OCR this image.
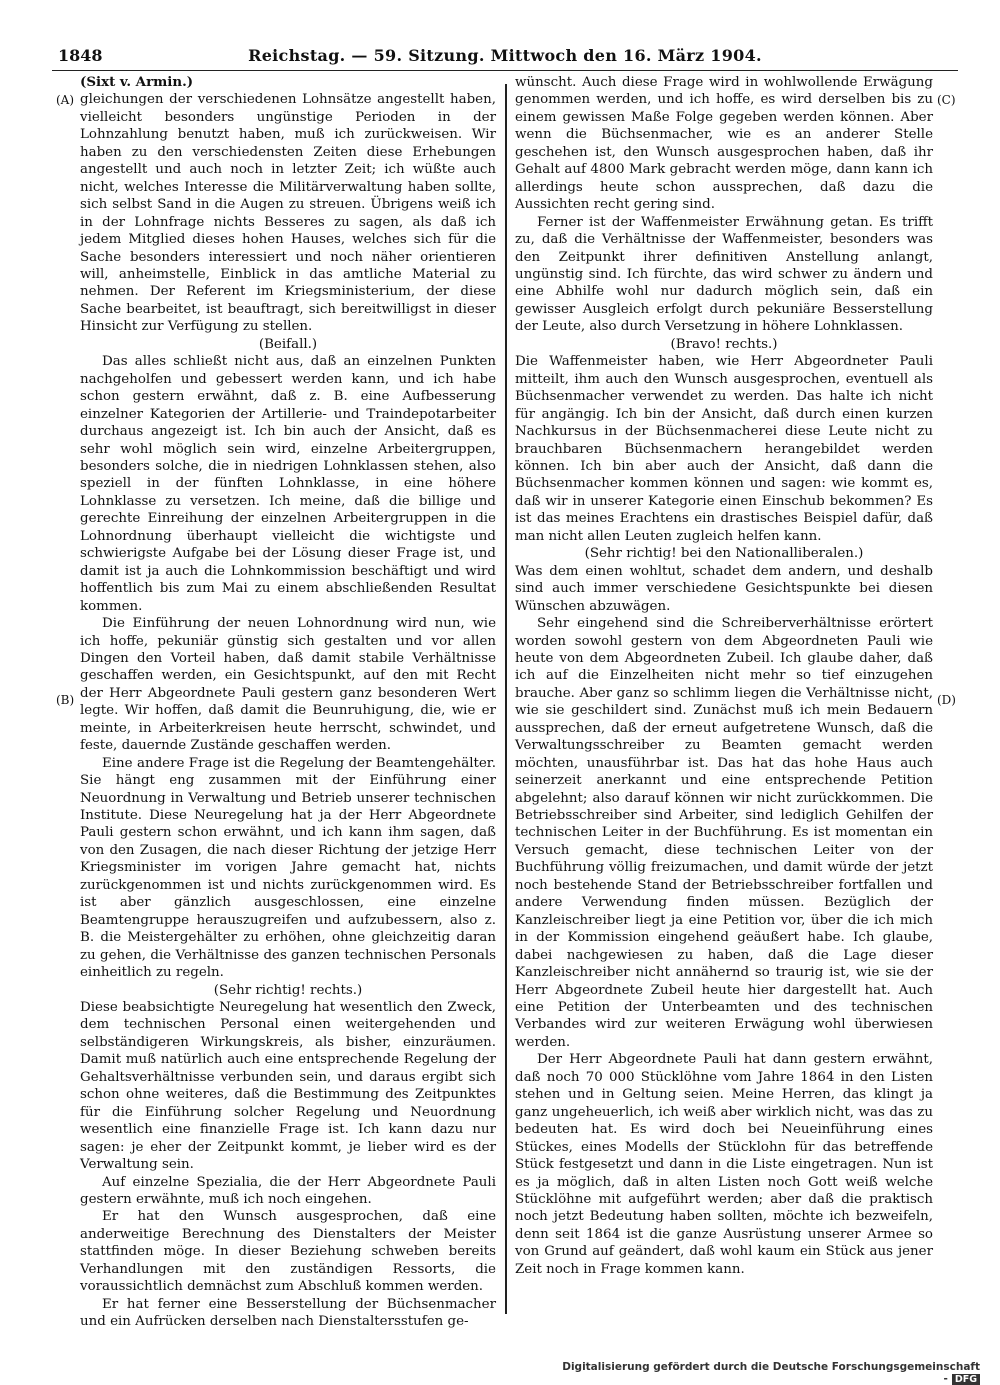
1848	Reichstag. — 59. Sitzung. Mittwoch den 16. März 1904.
(A)
(B)
(C)
(D)

(Sixt v. Armin.)

gleichungen der verschiedenen Lohnsätze angestellt haben, vielleicht besonders ungünstige Perioden in der Lohnzahlung benutzt haben, muß ich zurückweisen. Wir haben zu den verschiedensten Zeiten diese Erhebungen angestellt und auch noch in letzter Zeit; ich wüßte auch nicht, welches Interesse die Militärverwaltung haben sollte, sich selbst Sand in die Augen zu streuen. Übrigens weiß ich in der Lohnfrage nichts Besseres zu sagen, als daß ich jedem Mitglied dieses hohen Hauses, welches sich für die Sache besonders interessiert und noch näher orientieren will, anheimstelle, Einblick in das amtliche Material zu nehmen. Der Referent im Kriegsministerium, der diese Sache bearbeitet, ist beauftragt, sich bereitwilligst in dieser Hinsicht zur Verfügung zu stellen.

(Beifall.)

Das alles schließt nicht aus, daß an einzelnen Punkten nachgeholfen und gebessert werden kann, und ich habe schon gestern erwähnt, daß z. B. eine Aufbesserung einzelner Kategorien der Artillerie- und Traindepotarbeiter durchaus angezeigt ist. Ich bin auch der Ansicht, daß es sehr wohl möglich sein wird, einzelne Arbeitergruppen, besonders solche, die in niedrigen Lohnklassen stehen, also speziell in der fünften Lohnklasse, in eine höhere Lohnklasse zu versetzen. Ich meine, daß die billige und gerechte Einreihung der einzelnen Arbeitergruppen in die Lohnordnung überhaupt vielleicht die wichtigste und schwierigste Aufgabe bei der Lösung dieser Frage ist, und damit ist ja auch die Lohnkommission beschäftigt und wird hoffentlich bis zum Mai zu einem abschließenden Resultat kommen.

Die Einführung der neuen Lohnordnung wird nun, wie ich hoffe, pekuniär günstig sich gestalten und vor allen Dingen den Vorteil haben, daß damit stabile Verhältnisse geschaffen werden, ein Gesichtspunkt, auf den mit Recht der Herr Abgeordnete Pauli gestern ganz besonderen Wert legte. Wir hoffen, daß damit die Beunruhigung, die, wie er meinte, in Arbeiterkreisen heute herrscht, schwindet, und feste, dauernde Zustände geschaffen werden.

Eine andere Frage ist die Regelung der Beamtengehälter. Sie hängt eng zusammen mit der Einführung einer Neuordnung in Verwaltung und Betrieb unserer technischen Institute. Diese Neuregelung hat ja der Herr Abgeordnete Pauli gestern schon erwähnt, und ich kann ihm sagen, daß von den Zusagen, die nach dieser Richtung der jetzige Herr Kriegsminister im vorigen Jahre gemacht hat, nichts zurückgenommen ist und nichts zurückgenommen wird. Es ist aber gänzlich ausgeschlossen, eine einzelne Beamtengruppe herauszugreifen und aufzubessern, also z. B. die Meistergehälter zu erhöhen, ohne gleichzeitig daran zu gehen, die Verhältnisse des ganzen technischen Personals einheitlich zu regeln.

(Sehr richtig! rechts.)

Diese beabsichtigte Neuregelung hat wesentlich den Zweck, dem technischen Personal einen weitergehenden und selbständigeren Wirkungskreis, als bisher, einzuräumen. Damit muß natürlich auch eine entsprechende Regelung der Gehaltsverhältnisse verbunden sein, und daraus ergibt sich schon ohne weiteres, daß die Bestimmung des Zeitpunktes für die Einführung solcher Regelung und Neuordnung wesentlich eine finanzielle Frage ist. Ich kann dazu nur sagen: je eher der Zeitpunkt kommt, je lieber wird es der Verwaltung sein.

Auf einzelne Spezialia, die der Herr Abgeordnete Pauli gestern erwähnte, muß ich noch eingehen.

Er hat den Wunsch ausgesprochen, daß eine anderweitige Berechnung des Dienstalters der Meister stattfinden möge. In dieser Beziehung schweben bereits Verhandlungen mit den zuständigen Ressorts, die voraussichtlich demnächst zum Abschluß kommen werden.

Er hat ferner eine Besserstellung der Büchsenmacher und ein Aufrücken derselben nach Dienstaltersstufen ge-

wünscht. Auch diese Frage wird in wohlwollende Erwägung genommen werden, und ich hoffe, es wird derselben bis zu einem gewissen Maße Folge gegeben werden können. Aber wenn die Büchsenmacher, wie es an anderer Stelle geschehen ist, den Wunsch ausgesprochen haben, daß ihr Gehalt auf 4800 Mark gebracht werden möge, dann kann ich allerdings heute schon aussprechen, daß dazu die Aussichten recht gering sind.

Ferner ist der Waffenmeister Erwähnung getan. Es trifft zu, daß die Verhältnisse der Waffenmeister, besonders was den Zeitpunkt ihrer definitiven Anstellung anlangt, ungünstig sind. Ich fürchte, das wird schwer zu ändern und eine Abhilfe wohl nur dadurch möglich sein, daß ein gewisser Ausgleich erfolgt durch pekuniäre Besserstellung der Leute, also durch Versetzung in höhere Lohnklassen.

(Bravo! rechts.)

Die Waffenmeister haben, wie Herr Abgeordneter Pauli mitteilt, ihm auch den Wunsch ausgesprochen, eventuell als Büchsenmacher verwendet zu werden. Das halte ich nicht für angängig. Ich bin der Ansicht, daß durch einen kurzen Nachkursus in der Büchsenmacherei diese Leute nicht zu brauchbaren Büchsenmachern herangebildet werden können. Ich bin aber auch der Ansicht, daß dann die Büchsenmacher kommen können und sagen: wie kommt es, daß wir in unserer Kategorie einen Einschub bekommen? Es ist das meines Erachtens ein drastisches Beispiel dafür, daß man nicht allen Leuten zugleich helfen kann.

(Sehr richtig! bei den Nationalliberalen.)

Was dem einen wohltut, schadet dem andern, und deshalb sind auch immer verschiedene Gesichtspunkte bei diesen Wünschen abzuwägen.

Sehr eingehend sind die Schreiberverhältnisse erörtert worden sowohl gestern von dem Abgeordneten Pauli wie heute von dem Abgeordneten Zubeil. Ich glaube daher, daß ich auf die Einzelheiten nicht mehr so tief einzugehen brauche. Aber ganz so schlimm liegen die Verhältnisse nicht, wie sie geschildert sind. Zunächst muß ich mein Bedauern aussprechen, daß der erneut aufgetretene Wunsch, daß die Verwaltungsschreiber zu Beamten gemacht werden möchten, unausführbar ist. Das hat das hohe Haus auch seinerzeit anerkannt und eine entsprechende Petition abgelehnt; also darauf können wir nicht zurückkommen. Die Betriebsschreiber sind Arbeiter, sind lediglich Gehilfen der technischen Leiter in der Buchführung. Es ist momentan ein Versuch gemacht, diese technischen Leiter von der Buchführung völlig freizumachen, und damit würde der jetzt noch bestehende Stand der Betriebsschreiber fortfallen und andere Verwendung finden müssen. Bezüglich der Kanzleischreiber liegt ja eine Petition vor, über die ich mich in der Kommission eingehend geäußert habe. Ich glaube, dabei nachgewiesen zu haben, daß die Lage dieser Kanzleischreiber nicht annähernd so traurig ist, wie sie der Herr Abgeordnete Zubeil heute hier dargestellt hat. Auch eine Petition der Unterbeamten und des technischen Verbandes wird zur weiteren Erwägung wohl überwiesen werden.

Der Herr Abgeordnete Pauli hat dann gestern erwähnt, daß noch 70 000 Stücklöhne vom Jahre 1864 in den Listen stehen und in Geltung seien. Meine Herren, das klingt ja ganz ungeheuerlich, ich weiß aber wirklich nicht, was das zu bedeuten hat. Es wird doch bei Neueinführung eines Stückes, eines Modells der Stücklohn für das betreffende Stück festgesetzt und dann in die Liste eingetragen. Nun ist es ja möglich, daß in alten Listen noch Gott weiß welche Stücklöhne mit aufgeführt werden; aber daß die praktisch noch jetzt Bedeutung haben sollten, möchte ich bezweifeln, denn seit 1864 ist die ganze Ausrüstung unserer Armee so von Grund auf geändert, daß wohl kaum ein Stück aus jener Zeit noch in Frage kommen kann.

Digitalisierung gefördert durch die Deutsche Forschungsgemeinschaft - DFG
